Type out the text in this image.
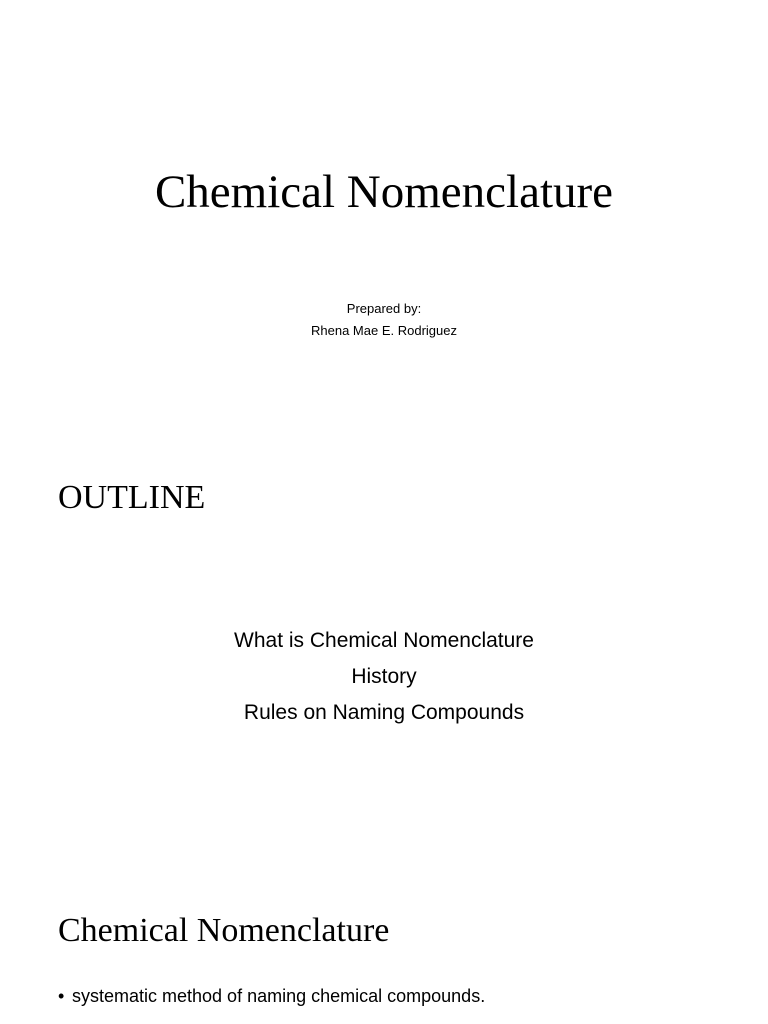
Chemical Nomenclature
Prepared by:
Rhena Mae E. Rodriguez
OUTLINE
What is Chemical Nomenclature
History
Rules on Naming Compounds
Chemical Nomenclature
• systematic method of naming chemical compounds.
